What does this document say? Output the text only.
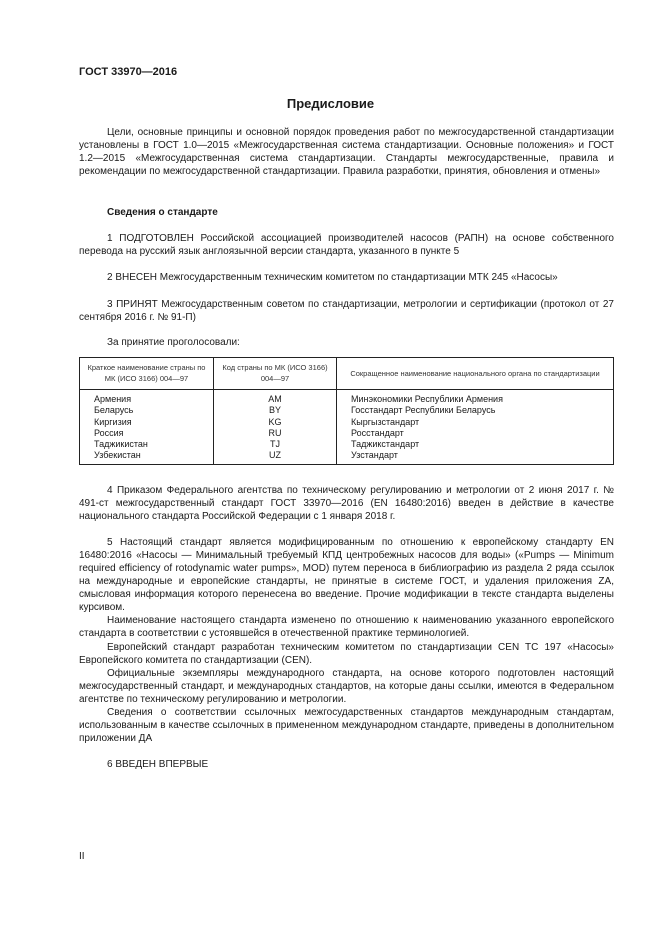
ГОСТ 33970—2016
Предисловие
Цели, основные принципы и основной порядок проведения работ по межгосударственной стандартизации установлены в ГОСТ 1.0—2015 «Межгосударственная система стандартизации. Основные положения» и ГОСТ 1.2—2015 «Межгосударственная система стандартизации. Стандарты межгосударственные, правила и рекомендации по межгосударственной стандартизации. Правила разработки, принятия, обновления и отмены»
Сведения о стандарте
1 ПОДГОТОВЛЕН Российской ассоциацией производителей насосов (РАПН) на основе собственного перевода на русский язык англоязычной версии стандарта, указанного в пункте 5
2 ВНЕСЕН Межгосударственным техническим комитетом по стандартизации МТК 245 «Насосы»
3 ПРИНЯТ Межгосударственным советом по стандартизации, метрологии и сертификации (протокол от 27 сентября 2016 г. № 91-П)
За принятие проголосовали:
Краткое наименование страны по МК (ИСО 3166) 004—97	Код страны по МК (ИСО 3166) 004—97	Сокращенное наименование национального органа по стандартизации
Армения	AM	Минэкономики Республики Армения
Беларусь	BY	Госстандарт Республики Беларусь
Киргизия	KG	Кыргызстандарт
Россия	RU	Росстандарт
Таджикистан	TJ	Таджикстандарт
Узбекистан	UZ	Узстандарт
4 Приказом Федерального агентства по техническому регулированию и метрологии от 2 июня 2017 г. № 491-ст межгосударственный стандарт ГОСТ 33970—2016 (EN 16480:2016) введен в действие в качестве национального стандарта Российской Федерации с 1 января 2018 г.
5 Настоящий стандарт является модифицированным по отношению к европейскому стандарту EN 16480:2016 «Насосы — Минимальный требуемый КПД центробежных насосов для воды» («Pumps — Minimum required efficiency of rotodynamic water pumps», MOD) путем переноса в библиографию из раздела 2 ряда ссылок на международные и европейские стандарты, не принятые в системе ГОСТ, и удаления приложения ZA, смысловая информация которого перенесена во введение. Прочие модификации в тексте стандарта выделены курсивом.
Наименование настоящего стандарта изменено по отношению к наименованию указанного европейского стандарта в соответствии с устоявшейся в отечественной практике терминологией.
Европейский стандарт разработан техническим комитетом по стандартизации CEN TC 197 «Насосы» Европейского комитета по стандартизации (CEN).
Официальные экземпляры международного стандарта, на основе которого подготовлен настоящий межгосударственный стандарт, и международных стандартов, на которые даны ссылки, имеются в Федеральном агентстве по техническому регулированию и метрологии.
Сведения о соответствии ссылочных межгосударственных стандартов международным стандартам, использованным в качестве ссылочных в примененном международном стандарте, приведены в дополнительном приложении ДА
6 ВВЕДЕН ВПЕРВЫЕ
II
